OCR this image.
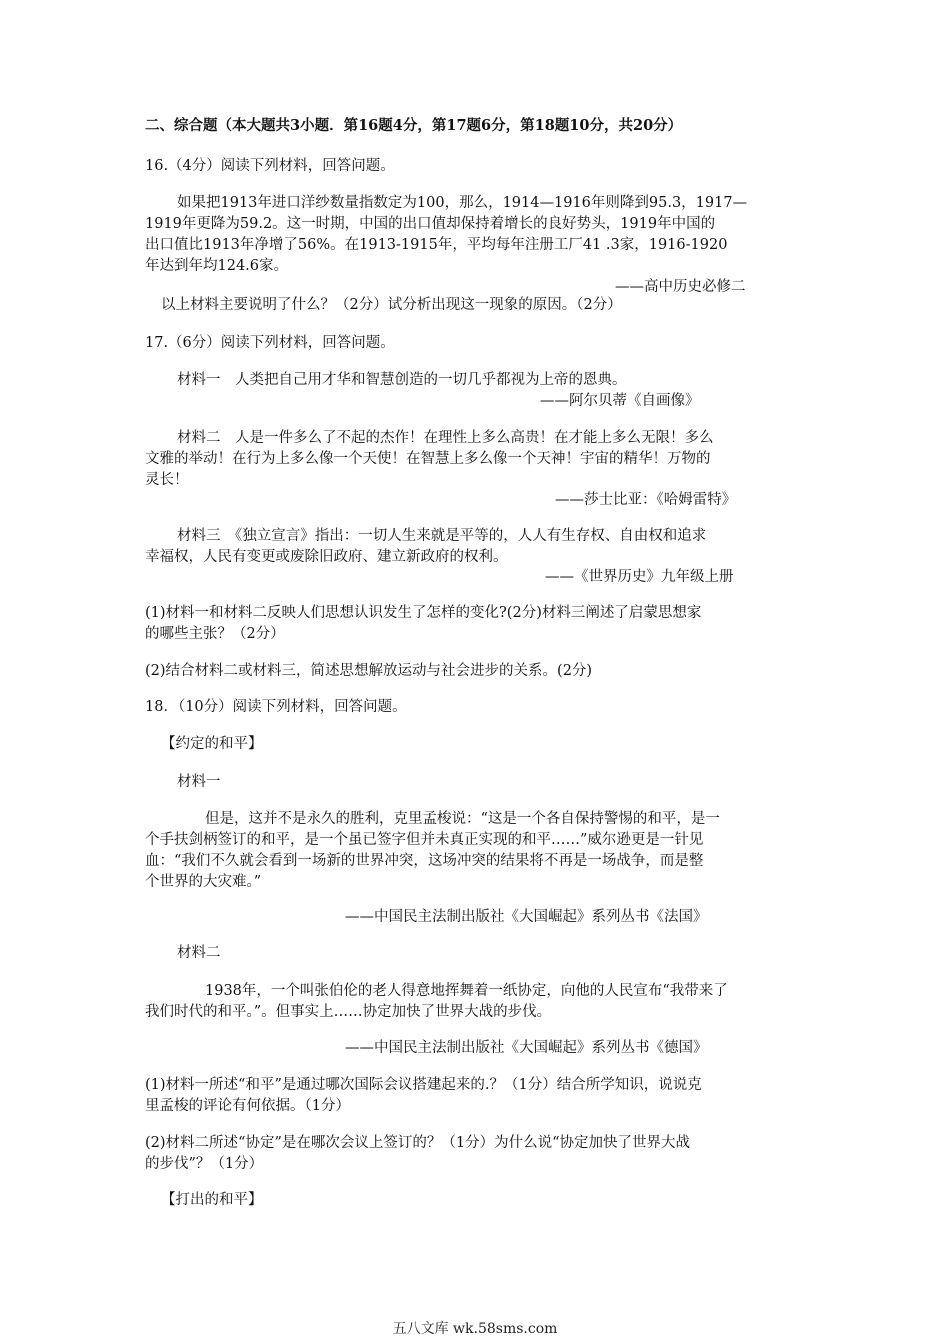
二、综合题（本大题共3小题．第16题4分，第17题6分，第18题10分，共20分）
16.（4分）阅读下列材料，回答问题。
如果把1913年进口洋纱数量指数定为100，那么，1914—1916年则降到95.3，1917—
1919年更降为59.2。这一时期，中国的出口值却保持着增长的良好势头，1919年中国的
出口值比1913年净增了56%。在1913-1915年，平均每年注册工厂41 .3家，1916-1920
年达到年均124.6家。
——高中历史必修二
以上材料主要说明了什么？（2分）试分析出现这一现象的原因。（2分）
17.（6分）阅读下列材料，回答问题。
材料一　人类把自己用才华和智慧创造的一切几乎都视为上帝的恩典。
——阿尔贝蒂《自画像》
材料二　人是一件多么了不起的杰作！在理性上多么高贵！在才能上多么无限！多么
文雅的举动！在行为上多么像一个天使！在智慧上多么像一个天神！宇宙的精华！万物的
灵长！
——莎士比亚：《哈姆雷特》
材料三　《独立宣言》指出：一切人生来就是平等的，人人有生存权、自由权和追求
幸福权，人民有变更或废除旧政府、建立新政府的权利。
——《世界历史》九年级上册
(1)材料一和材料二反映人们思想认识发生了怎样的变化?(2分)材料三阐述了启蒙思想家
的哪些主张？（2分）
(2)结合材料二或材料三，简述思想解放运动与社会进步的关系。(2分)
18．（10分）阅读下列材料，回答问题。
【约定的和平】
材料一
但是，这并不是永久的胜利，克里孟梭说：“这是一个各自保持警惕的和平，是一
个手扶剑柄签订的和平，是一个虽已签字但并未真正实现的和平……”威尔逊更是一针见
血：“我们不久就会看到一场新的世界冲突，这场冲突的结果将不再是一场战争，而是整
个世界的大灾难。”
——中国民主法制出版社《大国崛起》系列丛书《法国》
材料二
1938年，一个叫张伯伦的老人得意地挥舞着一纸协定，向他的人民宣布“我带来了
我们时代的和平。”。但事实上……协定加快了世界大战的步伐。
——中国民主法制出版社《大国崛起》系列丛书《德国》
(1)材料一所述“和平”是通过哪次国际会议搭建起来的.？（1分）结合所学知识，说说克
里孟梭的评论有何依据。（1分）
(2)材料二所述“协定”是在哪次会议上签订的？（1分）为什么说“协定加快了世界大战
的步伐”？（1分）
【打出的和平】
五八文库 wk.58sms.com
